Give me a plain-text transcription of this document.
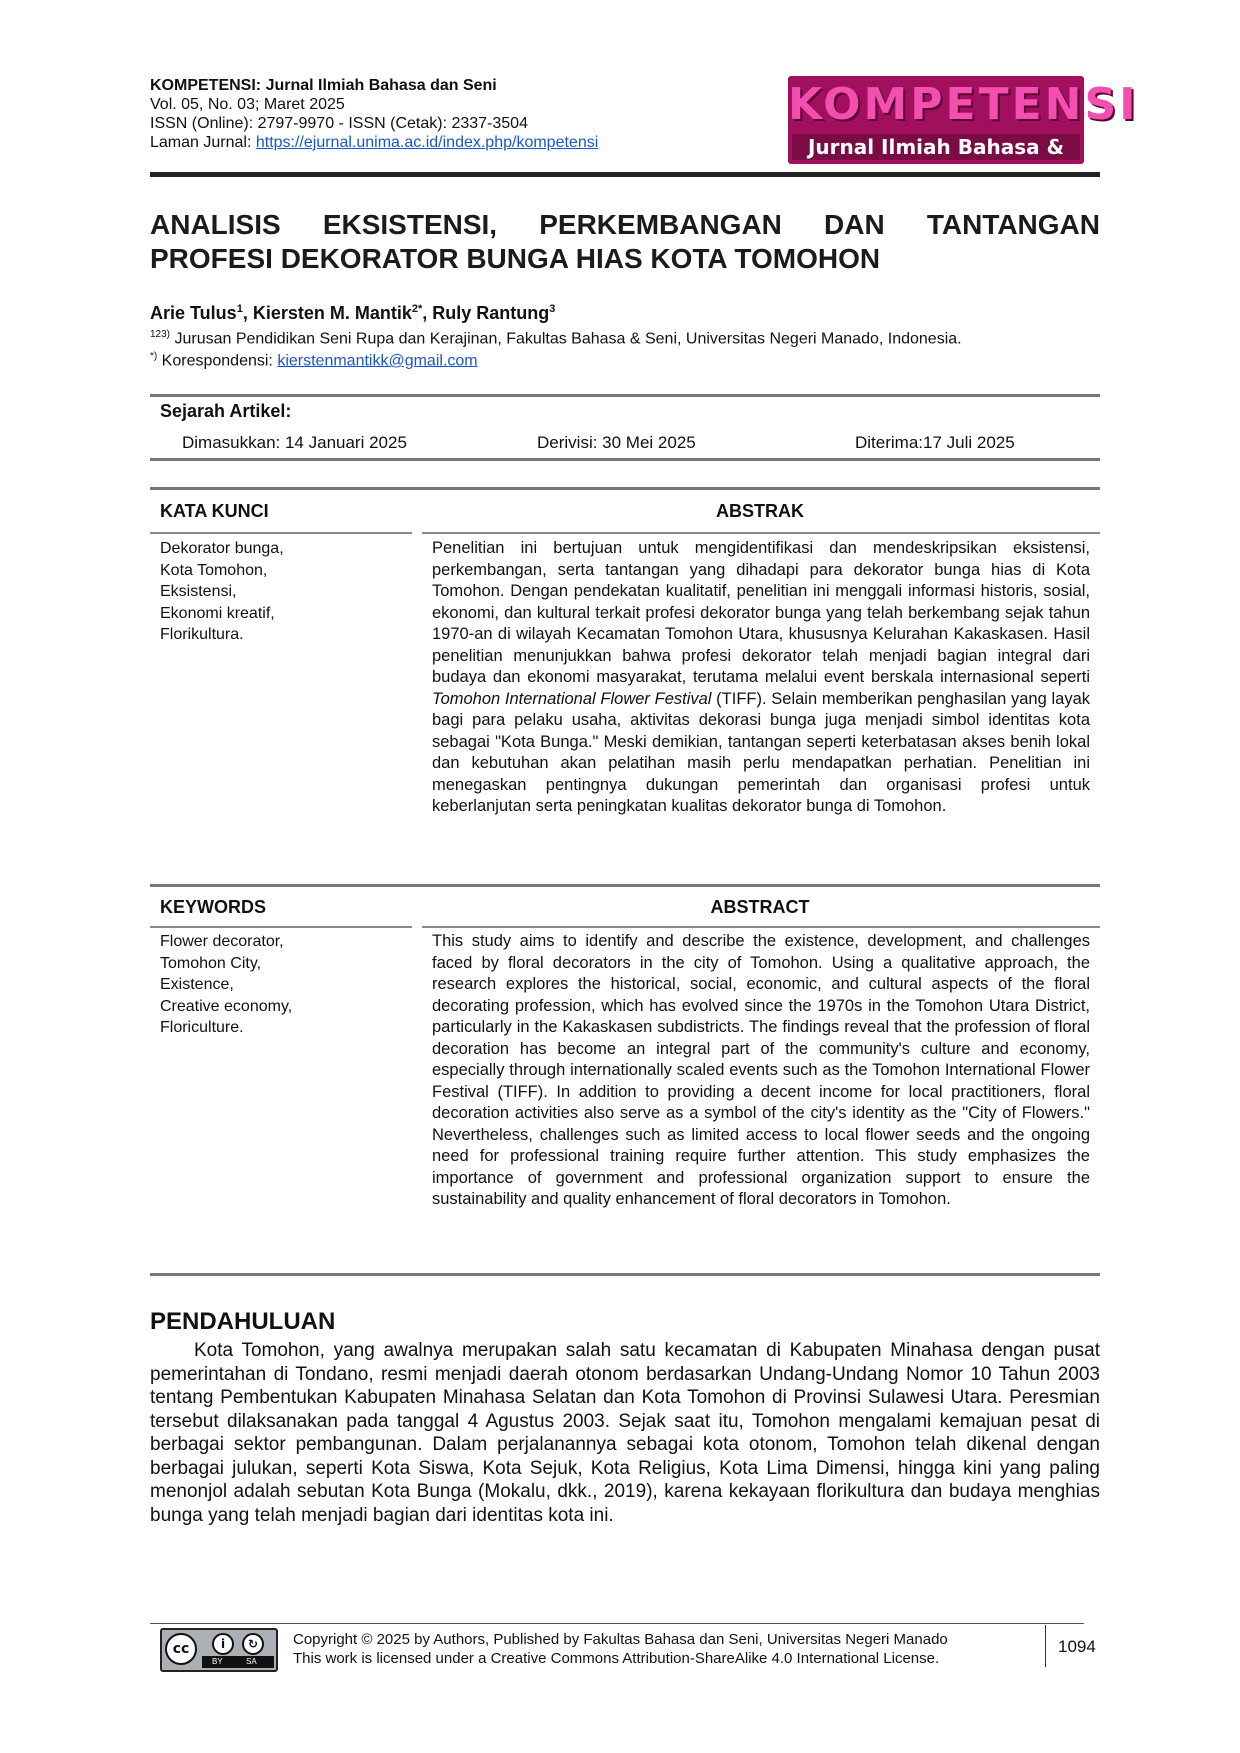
KOMPETENSI: Jurnal Ilmiah Bahasa dan Seni
Vol. 05, No. 03; Maret 2025
ISSN (Online): 2797-9970 - ISSN (Cetak): 2337-3504
Laman Jurnal: https://ejurnal.unima.ac.id/index.php/kompetensi
KOMPETENSI
Jurnal Ilmiah Bahasa &
ANALISIS EKSISTENSI, PERKEMBANGAN DAN TANTANGAN
PROFESI DEKORATOR BUNGA HIAS KOTA TOMOHON
Arie Tulus$^1$, Kiersten M. Mantik$^{2*}$, Ruly Rantung$^3$
$^{123)}$ Jurusan Pendidikan Seni Rupa dan Kerajinan, Fakultas Bahasa & Seni, Universitas Negeri Manado, Indonesia.
*) Korespondensi: kierstenmantikk@gmail.com
Sejarah Artikel:
Dimasukkan: 14 Januari 2025	Derivisi: 30 Mei 2025	Diterima:17 Juli 2025
KATA KUNCI	ABSTRAK
Dekorator bunga,
Kota Tomohon,
Eksistensi,
Ekonomi kreatif,
Florikultura.
Penelitian ini bertujuan untuk mengidentifikasi dan mendeskripsikan eksistensi, perkembangan, serta tantangan yang dihadapi para dekorator bunga hias di Kota Tomohon. Dengan pendekatan kualitatif, penelitian ini menggali informasi historis, sosial, ekonomi, dan kultural terkait profesi dekorator bunga yang telah berkembang sejak tahun 1970-an di wilayah Kecamatan Tomohon Utara, khususnya Kelurahan Kakaskasen. Hasil penelitian menunjukkan bahwa profesi dekorator telah menjadi bagian integral dari budaya dan ekonomi masyarakat, terutama melalui event berskala internasional seperti Tomohon International Flower Festival (TIFF). Selain memberikan penghasilan yang layak bagi para pelaku usaha, aktivitas dekorasi bunga juga menjadi simbol identitas kota sebagai "Kota Bunga." Meski demikian, tantangan seperti keterbatasan akses benih lokal dan kebutuhan akan pelatihan masih perlu mendapatkan perhatian. Penelitian ini menegaskan pentingnya dukungan pemerintah dan organisasi profesi untuk keberlanjutan serta peningkatan kualitas dekorator bunga di Tomohon.
KEYWORDS	ABSTRACT
Flower decorator,
Tomohon City,
Existence,
Creative economy,
Floriculture.
This study aims to identify and describe the existence, development, and challenges faced by floral decorators in the city of Tomohon. Using a qualitative approach, the research explores the historical, social, economic, and cultural aspects of the floral decorating profession, which has evolved since the 1970s in the Tomohon Utara District, particularly in the Kakaskasen subdistricts. The findings reveal that the profession of floral decoration has become an integral part of the community's culture and economy, especially through internationally scaled events such as the Tomohon International Flower Festival (TIFF). In addition to providing a decent income for local practitioners, floral decoration activities also serve as a symbol of the city's identity as the "City of Flowers." Nevertheless, challenges such as limited access to local flower seeds and the ongoing need for professional training require further attention. This study emphasizes the importance of government and professional organization support to ensure the sustainability and quality enhancement of floral decorators in Tomohon.
PENDAHULUAN
Kota Tomohon, yang awalnya merupakan salah satu kecamatan di Kabupaten Minahasa dengan pusat pemerintahan di Tondano, resmi menjadi daerah otonom berdasarkan Undang-Undang Nomor 10 Tahun 2003 tentang Pembentukan Kabupaten Minahasa Selatan dan Kota Tomohon di Provinsi Sulawesi Utara. Peresmian tersebut dilaksanakan pada tanggal 4 Agustus 2003. Sejak saat itu, Tomohon mengalami kemajuan pesat di berbagai sektor pembangunan. Dalam perjalanannya sebagai kota otonom, Tomohon telah dikenal dengan berbagai julukan, seperti Kota Siswa, Kota Sejuk, Kota Religius, Kota Lima Dimensi, hingga kini yang paling menonjol adalah sebutan Kota Bunga (Mokalu, dkk., 2019), karena kekayaan florikultura dan budaya menghias bunga yang telah menjadi bagian dari identitas kota ini.
cc	i	↻
BY	SA
Copyright © 2025 by Authors, Published by Fakultas Bahasa dan Seni, Universitas Negeri Manado
This work is licensed under a Creative Commons Attribution-ShareAlike 4.0 International License.
1094
